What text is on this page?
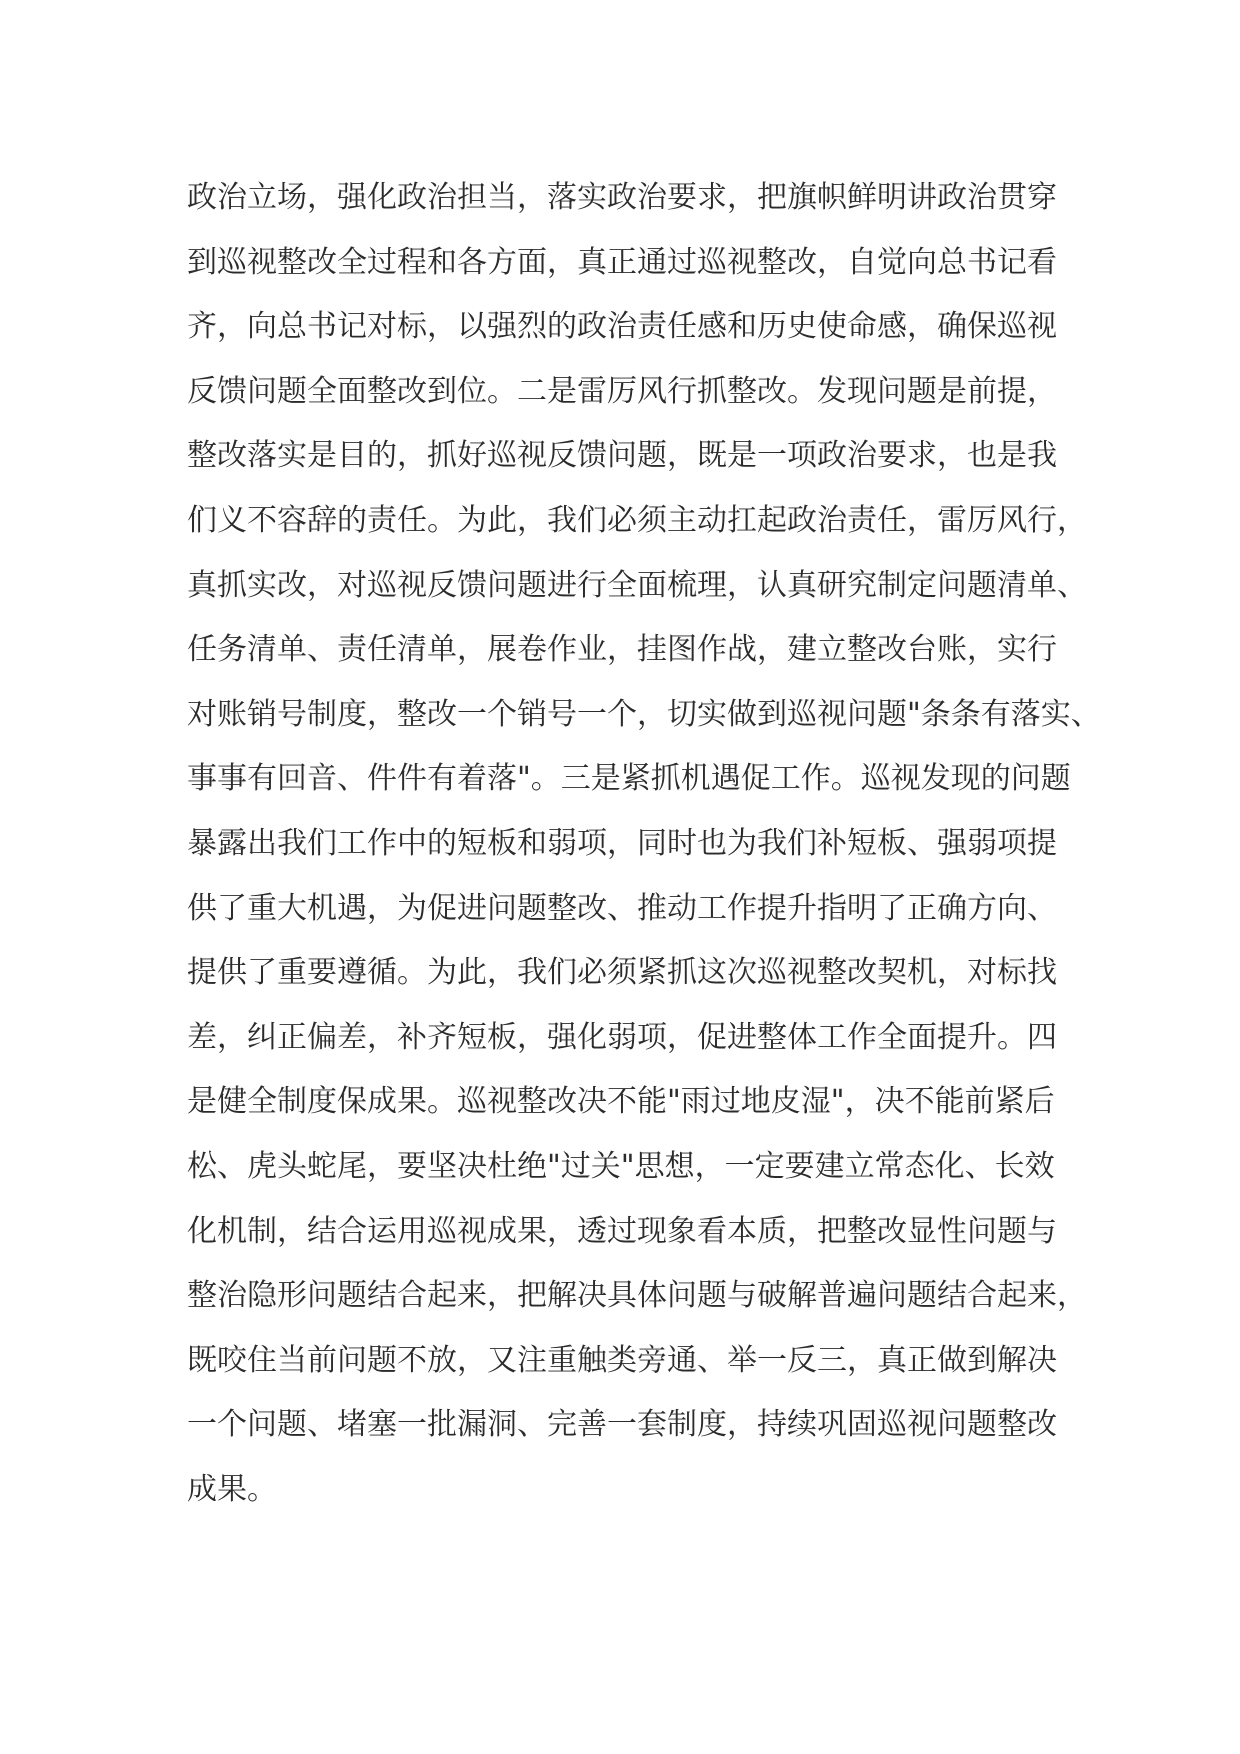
政治立场，强化政治担当，落实政治要求，把旗帜鲜明讲政治贯穿
到巡视整改全过程和各方面，真正通过巡视整改，自觉向总书记看
齐，向总书记对标，以强烈的政治责任感和历史使命感，确保巡视
反馈问题全面整改到位。二是雷厉风行抓整改。发现问题是前提，
整改落实是目的，抓好巡视反馈问题，既是一项政治要求，也是我
们义不容辞的责任。为此，我们必须主动扛起政治责任，雷厉风行，
真抓实改，对巡视反馈问题进行全面梳理，认真研究制定问题清单、
任务清单、责任清单，展卷作业，挂图作战，建立整改台账，实行
对账销号制度，整改一个销号一个，切实做到巡视问题"条条有落实、
事事有回音、件件有着落"。三是紧抓机遇促工作。巡视发现的问题
暴露出我们工作中的短板和弱项，同时也为我们补短板、强弱项提
供了重大机遇，为促进问题整改、推动工作提升指明了正确方向、
提供了重要遵循。为此，我们必须紧抓这次巡视整改契机，对标找
差，纠正偏差，补齐短板，强化弱项，促进整体工作全面提升。四
是健全制度保成果。巡视整改决不能"雨过地皮湿"，决不能前紧后
松、虎头蛇尾，要坚决杜绝"过关"思想，一定要建立常态化、长效
化机制，结合运用巡视成果，透过现象看本质，把整改显性问题与
整治隐形问题结合起来，把解决具体问题与破解普遍问题结合起来，
既咬住当前问题不放，又注重触类旁通、举一反三，真正做到解决
一个问题、堵塞一批漏洞、完善一套制度，持续巩固巡视问题整改
成果。
